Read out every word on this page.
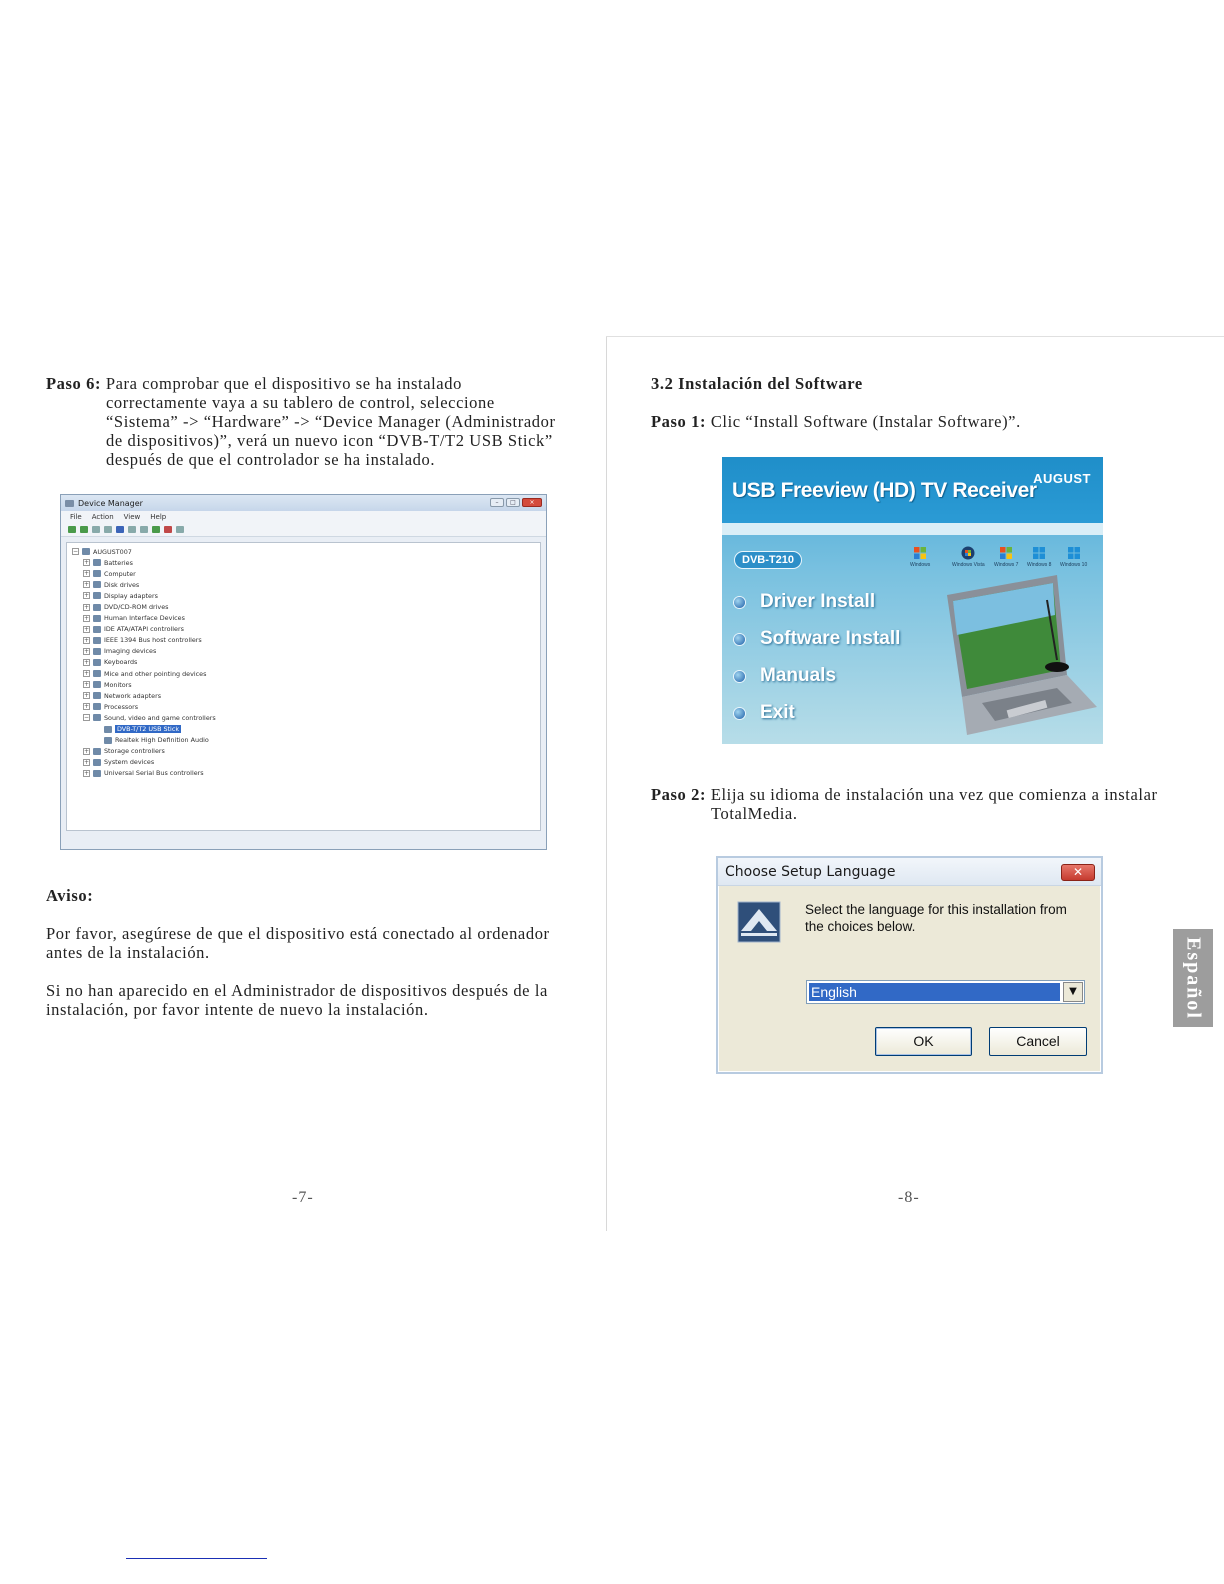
Paso 6: Para comprobar que el dispositivo se ha instalado
correctamente vaya a su tablero de control, seleccione
“Sistema” -> “Hardware” -> “Device Manager (Administrador
de dispositivos)”, verá un nuevo icon “DVB-T/T2 USB Stick”
después de que el controlador se ha instalado.
Device Manager	–	□	×
File Action View Help
− AUGUST007
+ Batteries
+ Computer
+ Disk drives
+ Display adapters
+ DVD/CD-ROM drives
+ Human Interface Devices
+ IDE ATA/ATAPI controllers
+ IEEE 1394 Bus host controllers
+ Imaging devices
+ Keyboards
+ Mice and other pointing devices
+ Monitors
+ Network adapters
+ Processors
− Sound, video and game controllers
DVB-T/T2 USB Stick
Realtek High Definition Audio
+ Storage controllers
+ System devices
+ Universal Serial Bus controllers
Aviso:
Por favor, asegúrese de que el dispositivo está conectado al ordenador
antes de la instalación.
Si no han aparecido en el Administrador de dispositivos después de la
instalación, por favor intente de nuevo la instalación.
-7-
3.2 Instalación del Software
Paso 1: Clic “Install Software (Instalar Software)”.
USB Freeview (HD) TV Receiver
AUGUST
DVB-T210	Windows	Windows Vista Windows 7 Windows 8 Windows 10
Driver Install
Software Install
Manuals
Exit
Paso 2: Elija su idioma de instalación una vez que comienza a instalar
TotalMedia.
Choose Setup Language	✕
Select the language for this installation from
the choices below.
English	▼
OK	Cancel
-8-
Español
